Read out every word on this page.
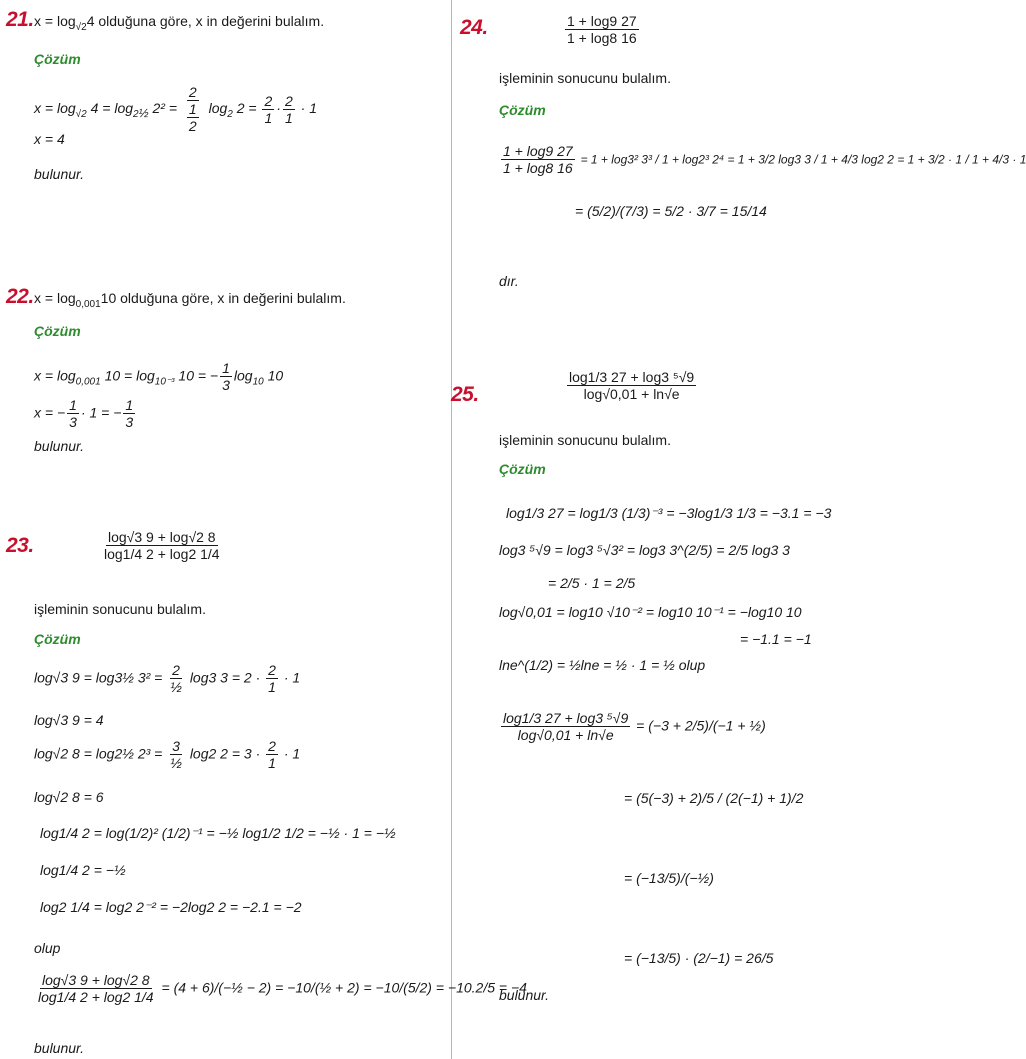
21. $x = \log_{√2}4$ olduğuna göre, x in değerini bulalım.
Çözüm
$x = \log_{√2} 4 = \log_{2\frac{1}{2}} 2^2 = \frac{2}{\frac{1}{2}} \log_2 2 = \frac{2}{1} \cdot \frac{2}{1} \cdot 1$
x = 4
bulunur.
22. $x = \log_{0,001}10$ olduğuna göre, x in değerini bulalım.
Çözüm
$x = \log_{0,001} 10 = \log_{10^{-3}} 10$ = − $\frac{1}{3} \log_{10} 10$
x = − $\frac{1}{3} \cdot 1$ = − $\frac{1}{3}$
bulunur.
23.	$\frac{\log√3 9 + \log√2 8}{\log 1/4 2 + \log 2 1/4}$
işleminin sonucunu bulalım.
Çözüm
log√3 9 = log3½ 3² = 2
½
log3 $3 = 2 \cdot \frac{2}{1} \cdot 1$
log√3 9 = 4
log√2 8 = log2½ 2³ = 3
½
log2 $2 = 3 \cdot \frac{2}{1} \cdot 1$
log√2 8 = 6
log1/4 2 = log(1/2)² (1/2)⁻¹ = −½ log1/2 1/2 = −½ · 1 = −½
log1/4 2 = −½
log2 1/4 = log2 2⁻² = −2log2 2 = −2.1 = −2
olup
$\frac{\log√3 9 + \log√2 8}{\log 1/4 2 + \log 2 1/4} = (4$ + 6)/(−½ − 2) = −10/(½ + 2) = −10/(5/2) = −10.2/5 = −4
bulunur.
24.	$\frac{1 + \log 9 27}{1 + \log 8 16}$
işleminin sonucunu bulalım.
Çözüm
$\frac{1 + \log 9 27}{1 + \log 8 16} = 1 + \log 3^2$ 3³ / 1 + log2³ 2⁴ = 1 + 3/2 log3 3 / 1 + 4/3 log2 2 = 1 + 3/2 · 1 / 1 + 4/3 · 1
= (5/2)/(7/3) = 5/2 · 3/7 = 15/14
dır.
25.	$\frac{\text{log1/3 27 + log3 ⁵√9}}{\log√0,01 + \ln√e}$
işleminin sonucunu bulalım.
Çözüm
log1/3 27 = log1/3 (1/3)⁻³ = −3log1/3 1/3 = −3.1 = −3
log3 ⁵√9 = log3 ⁵√3² = log3 3^(2/5) = 2/5 log3 3
= 2/5 · 1 = 2/5
log√0,01 = log10 √10⁻² = log10 10⁻¹ = −log10 10
= −1.1 = −1
lne^(1/2) = ½lne = ½ · 1 = ½ olup
$\frac{\text{log1/3 27 + log3 ⁵√9}}{\log√0,01 + \ln√e} = (-3 + 2/5)/(-1$ + ½)
= (5(−3) + 2)/5 / (2(−1) + 1)/2
= (−13/5)/(−½)
= (−13/5) · (2/−1) = 26/5
bulunur.
